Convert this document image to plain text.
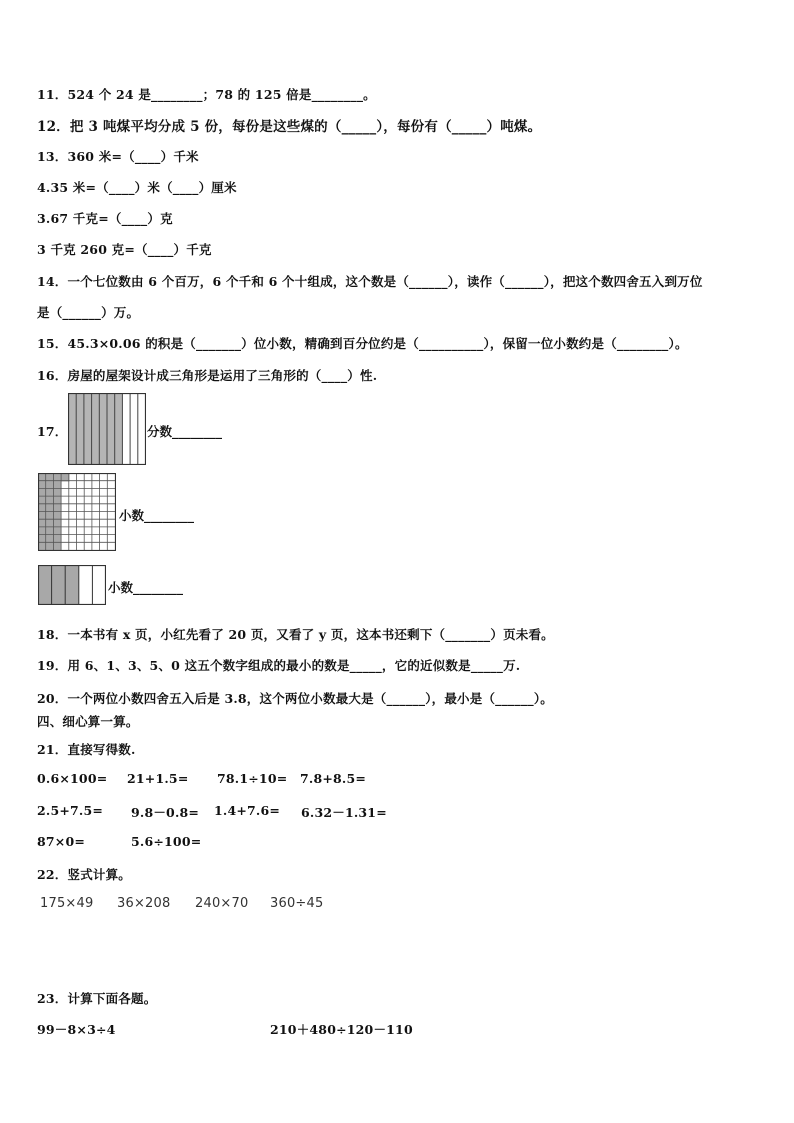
11．524 个 24 是________；78 的 125 倍是________。
12．把 3 吨煤平均分成 5 份，每份是这些煤的（_____），每份有（_____）吨煤。
13．360 米=（____）千米
4.35 米=（____）米（____）厘米
3.67 千克=（____）克
3 千克 260 克=（____）千克
14．一个七位数由 6 个百万，6 个千和 6 个十组成，这个数是（______），读作（______），把这个数四舍五入到万位
是（______）万。
15．45.3×0.06 的积是（_______）位小数，精确到百分位约是（__________），保留一位小数约是（________）。
16．房屋的屋架设计成三角形是运用了三角形的（____）性.
17．	分数________
小数________
小数________
18．一本书有 x 页，小红先看了 20 页，又看了 y 页，这本书还剩下（_______）页未看。
19．用 6、1、3、5、0 这五个数字组成的最小的数是_____，它的近似数是_____万.
20．一个两位小数四舍五入后是 3.8，这个两位小数最大是（______），最小是（______）。
四、细心算一算。
21．直接写得数.
0.6×100= 21+1.5= 78.1÷10= 7.8+8.5=
2.5+7.5= 9.8－0.8= 1.4+7.6= 6.32－1.31=
87×0=	5.6÷100=
22．竖式计算。
175×49 36×208 240×70 360÷45
23．计算下面各题。
99－8×3÷4	210＋480÷120－110
